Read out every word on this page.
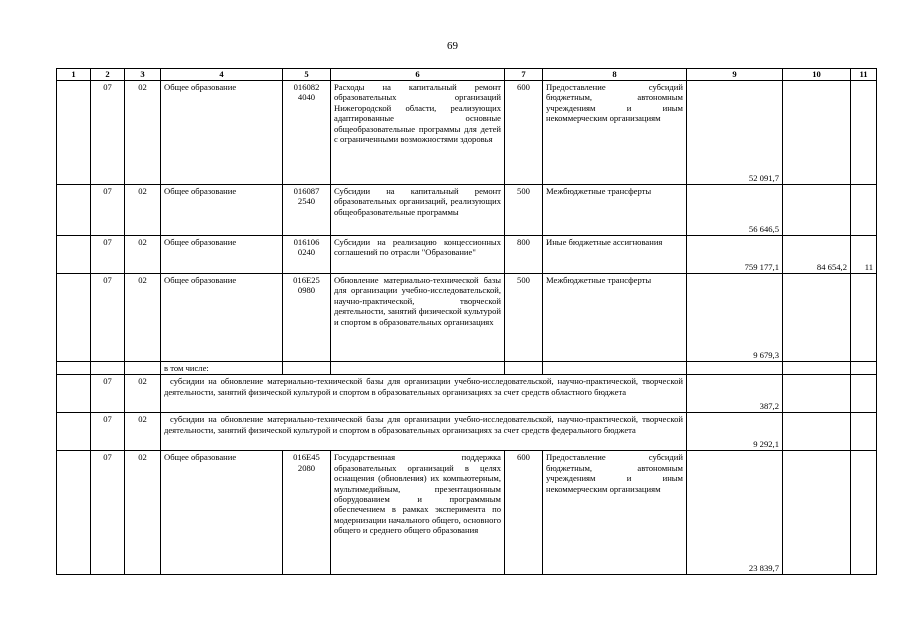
69
1	2	3	4	5	6	7	8	9	10	11
	07	02	Общее образование	016082 4040	Расходы на капитальный ремонт образовательных организаций Нижегородской области, реализующих адаптированные основные общеобразовательные программы для детей с ограниченными возможностями здоровья	600	Предоставление субсидий бюджетным, автономным учреждениям и иным некоммерческим организациям	52 091,7		
	07	02	Общее образование	016087 2540	Субсидии на капитальный ремонт образовательных организаций, реализующих общеобразовательные программы	500	Межбюджетные трансферты	56 646,5		
	07	02	Общее образование	016106 0240	Субсидии на реализацию концессионных соглашений по отрасли "Образование"	800	Иные бюджетные ассигнования	759 177,1	84 654,2	11
	07	02	Общее образование	016E25 0980	Обновление материально-технической базы для организации учебно-исследовательской, научно-практической, творческой деятельности, занятий физической культурой и спортом в образовательных организациях	500	Межбюджетные трансферты	9 679,3		
			в том числе:							
	07	02	субсидии на обновление материально-технической базы для организации учебно-исследовательской, научно-практической, творческой деятельности, занятий физической культурой и спортом в образовательных организациях за счет средств областного бюджета					387,2		
	07	02	субсидии на обновление материально-технической базы для организации учебно-исследовательской, научно-практической, творческой деятельности, занятий физической культурой и спортом в образовательных организациях за счет средств федерального бюджета					9 292,1		
	07	02	Общее образование	016E45 2080	Государственная поддержка образовательных организаций в целях оснащения (обновления) их компьютерным, мультимедийным, презентационным оборудованием и программным обеспечением в рамках эксперимента по модернизации начального общего, основного общего и среднего общего образования	600	Предоставление субсидий бюджетным, автономным учреждениям и иным некоммерческим организациям	23 839,7		
